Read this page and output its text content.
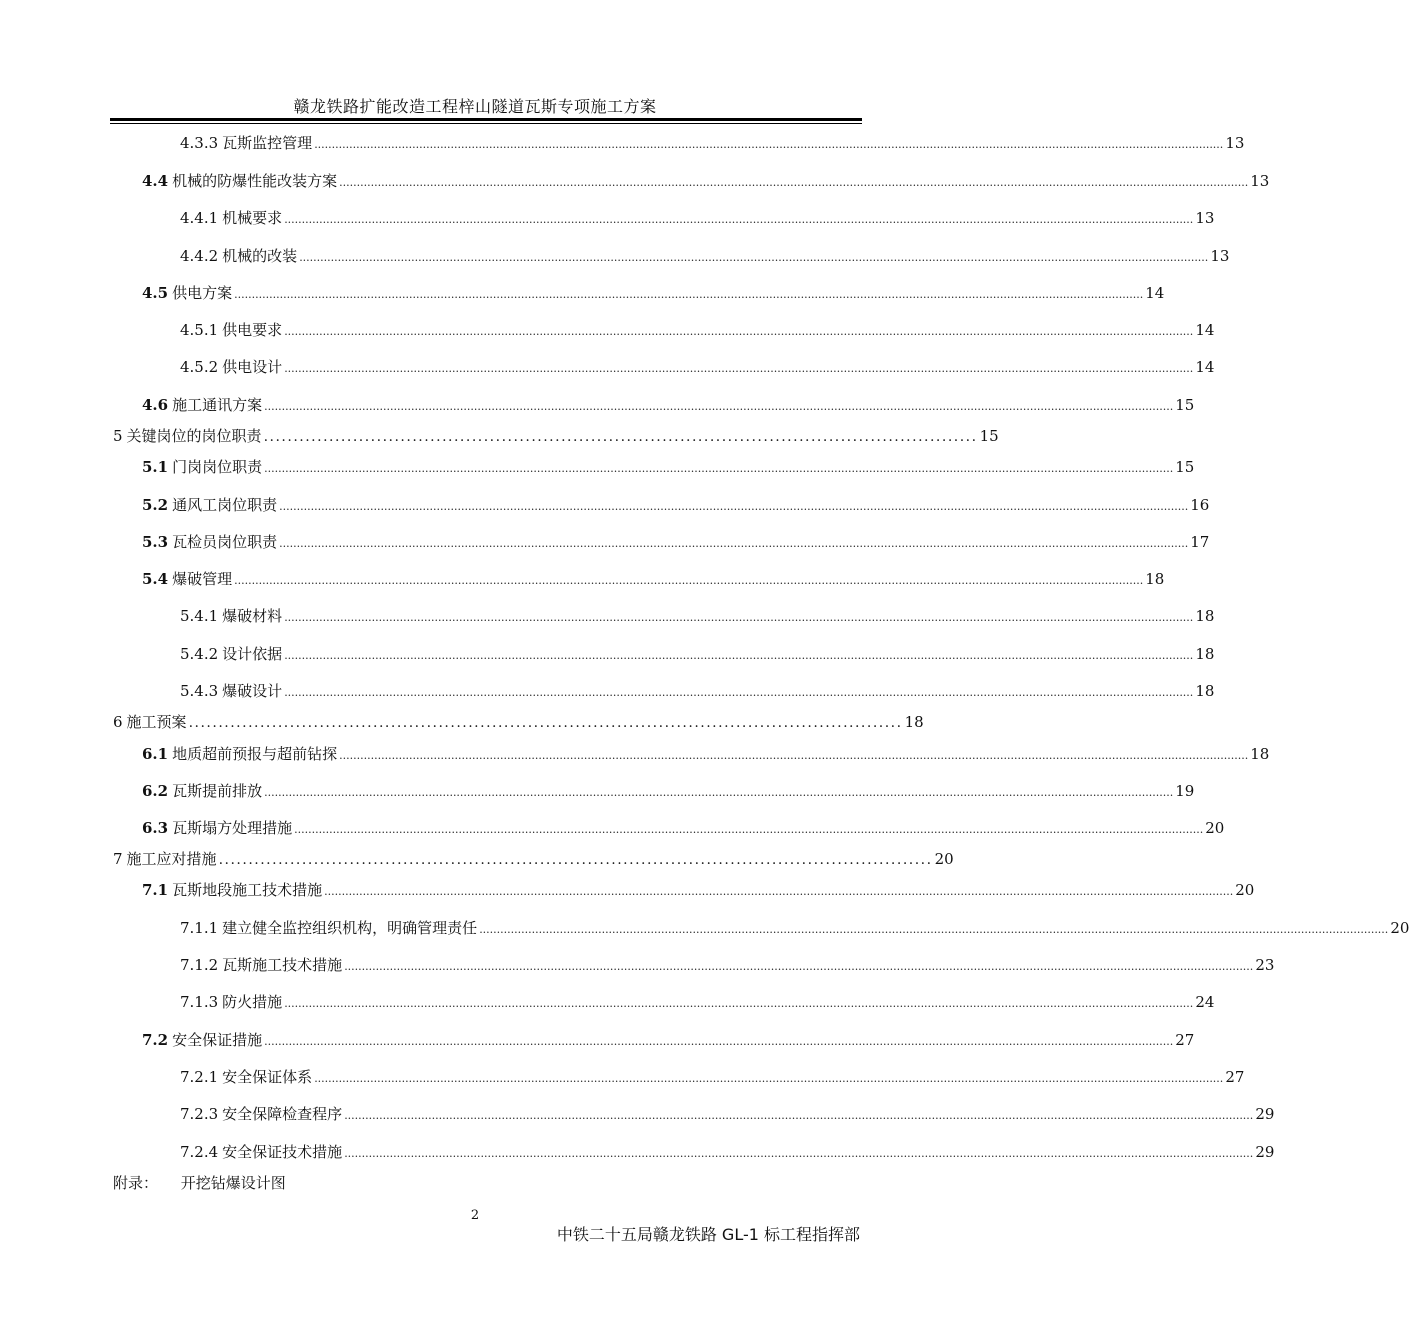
赣龙铁路扩能改造工程梓山隧道瓦斯专项施工方案
4.3.3 瓦斯监控管理 .................................................................................................................................................................................................................................................................... 13
4.4 机械的防爆性能改装方案 .................................................................................................................................................................................................................................................................... 13
4.4.1 机械要求 .................................................................................................................................................................................................................................................................... 13
4.4.2 机械的改装 .................................................................................................................................................................................................................................................................... 13
4.5 供电方案 .................................................................................................................................................................................................................................................................... 14
4.5.1 供电要求 .................................................................................................................................................................................................................................................................... 14
4.5.2 供电设计 .................................................................................................................................................................................................................................................................... 14
4.6 施工通讯方案 .................................................................................................................................................................................................................................................................... 15
5 关键岗位的岗位职责 ........................................................................................................................ 15
5.1 门岗岗位职责 .................................................................................................................................................................................................................................................................... 15
5.2 通风工岗位职责 .................................................................................................................................................................................................................................................................... 16
5.3 瓦检员岗位职责 .................................................................................................................................................................................................................................................................... 17
5.4 爆破管理 .................................................................................................................................................................................................................................................................... 18
5.4.1 爆破材料 .................................................................................................................................................................................................................................................................... 18
5.4.2 设计依据 .................................................................................................................................................................................................................................................................... 18
5.4.3 爆破设计 .................................................................................................................................................................................................................................................................... 18
6 施工预案 ........................................................................................................................ 18
6.1 地质超前预报与超前钻探 .................................................................................................................................................................................................................................................................... 18
6.2 瓦斯提前排放 .................................................................................................................................................................................................................................................................... 19
6.3 瓦斯塌方处理措施 .................................................................................................................................................................................................................................................................... 20
7 施工应对措施 ........................................................................................................................ 20
7.1 瓦斯地段施工技术措施 .................................................................................................................................................................................................................................................................... 20
7.1.1 建立健全监控组织机构，明确管理责任 .................................................................................................................................................................................................................................................................... 20
7.1.2 瓦斯施工技术措施 .................................................................................................................................................................................................................................................................... 23
7.1.3 防火措施 .................................................................................................................................................................................................................................................................... 24
7.2 安全保证措施 .................................................................................................................................................................................................................................................................... 27
7.2.1 安全保证体系 .................................................................................................................................................................................................................................................................... 27
7.2.3 安全保障检查程序 .................................................................................................................................................................................................................................................................... 29
7.2.4 安全保证技术措施 .................................................................................................................................................................................................................................................................... 29
附录： 开挖钻爆设计图
2
中铁二十五局赣龙铁路 GL-1 标工程指挥部
